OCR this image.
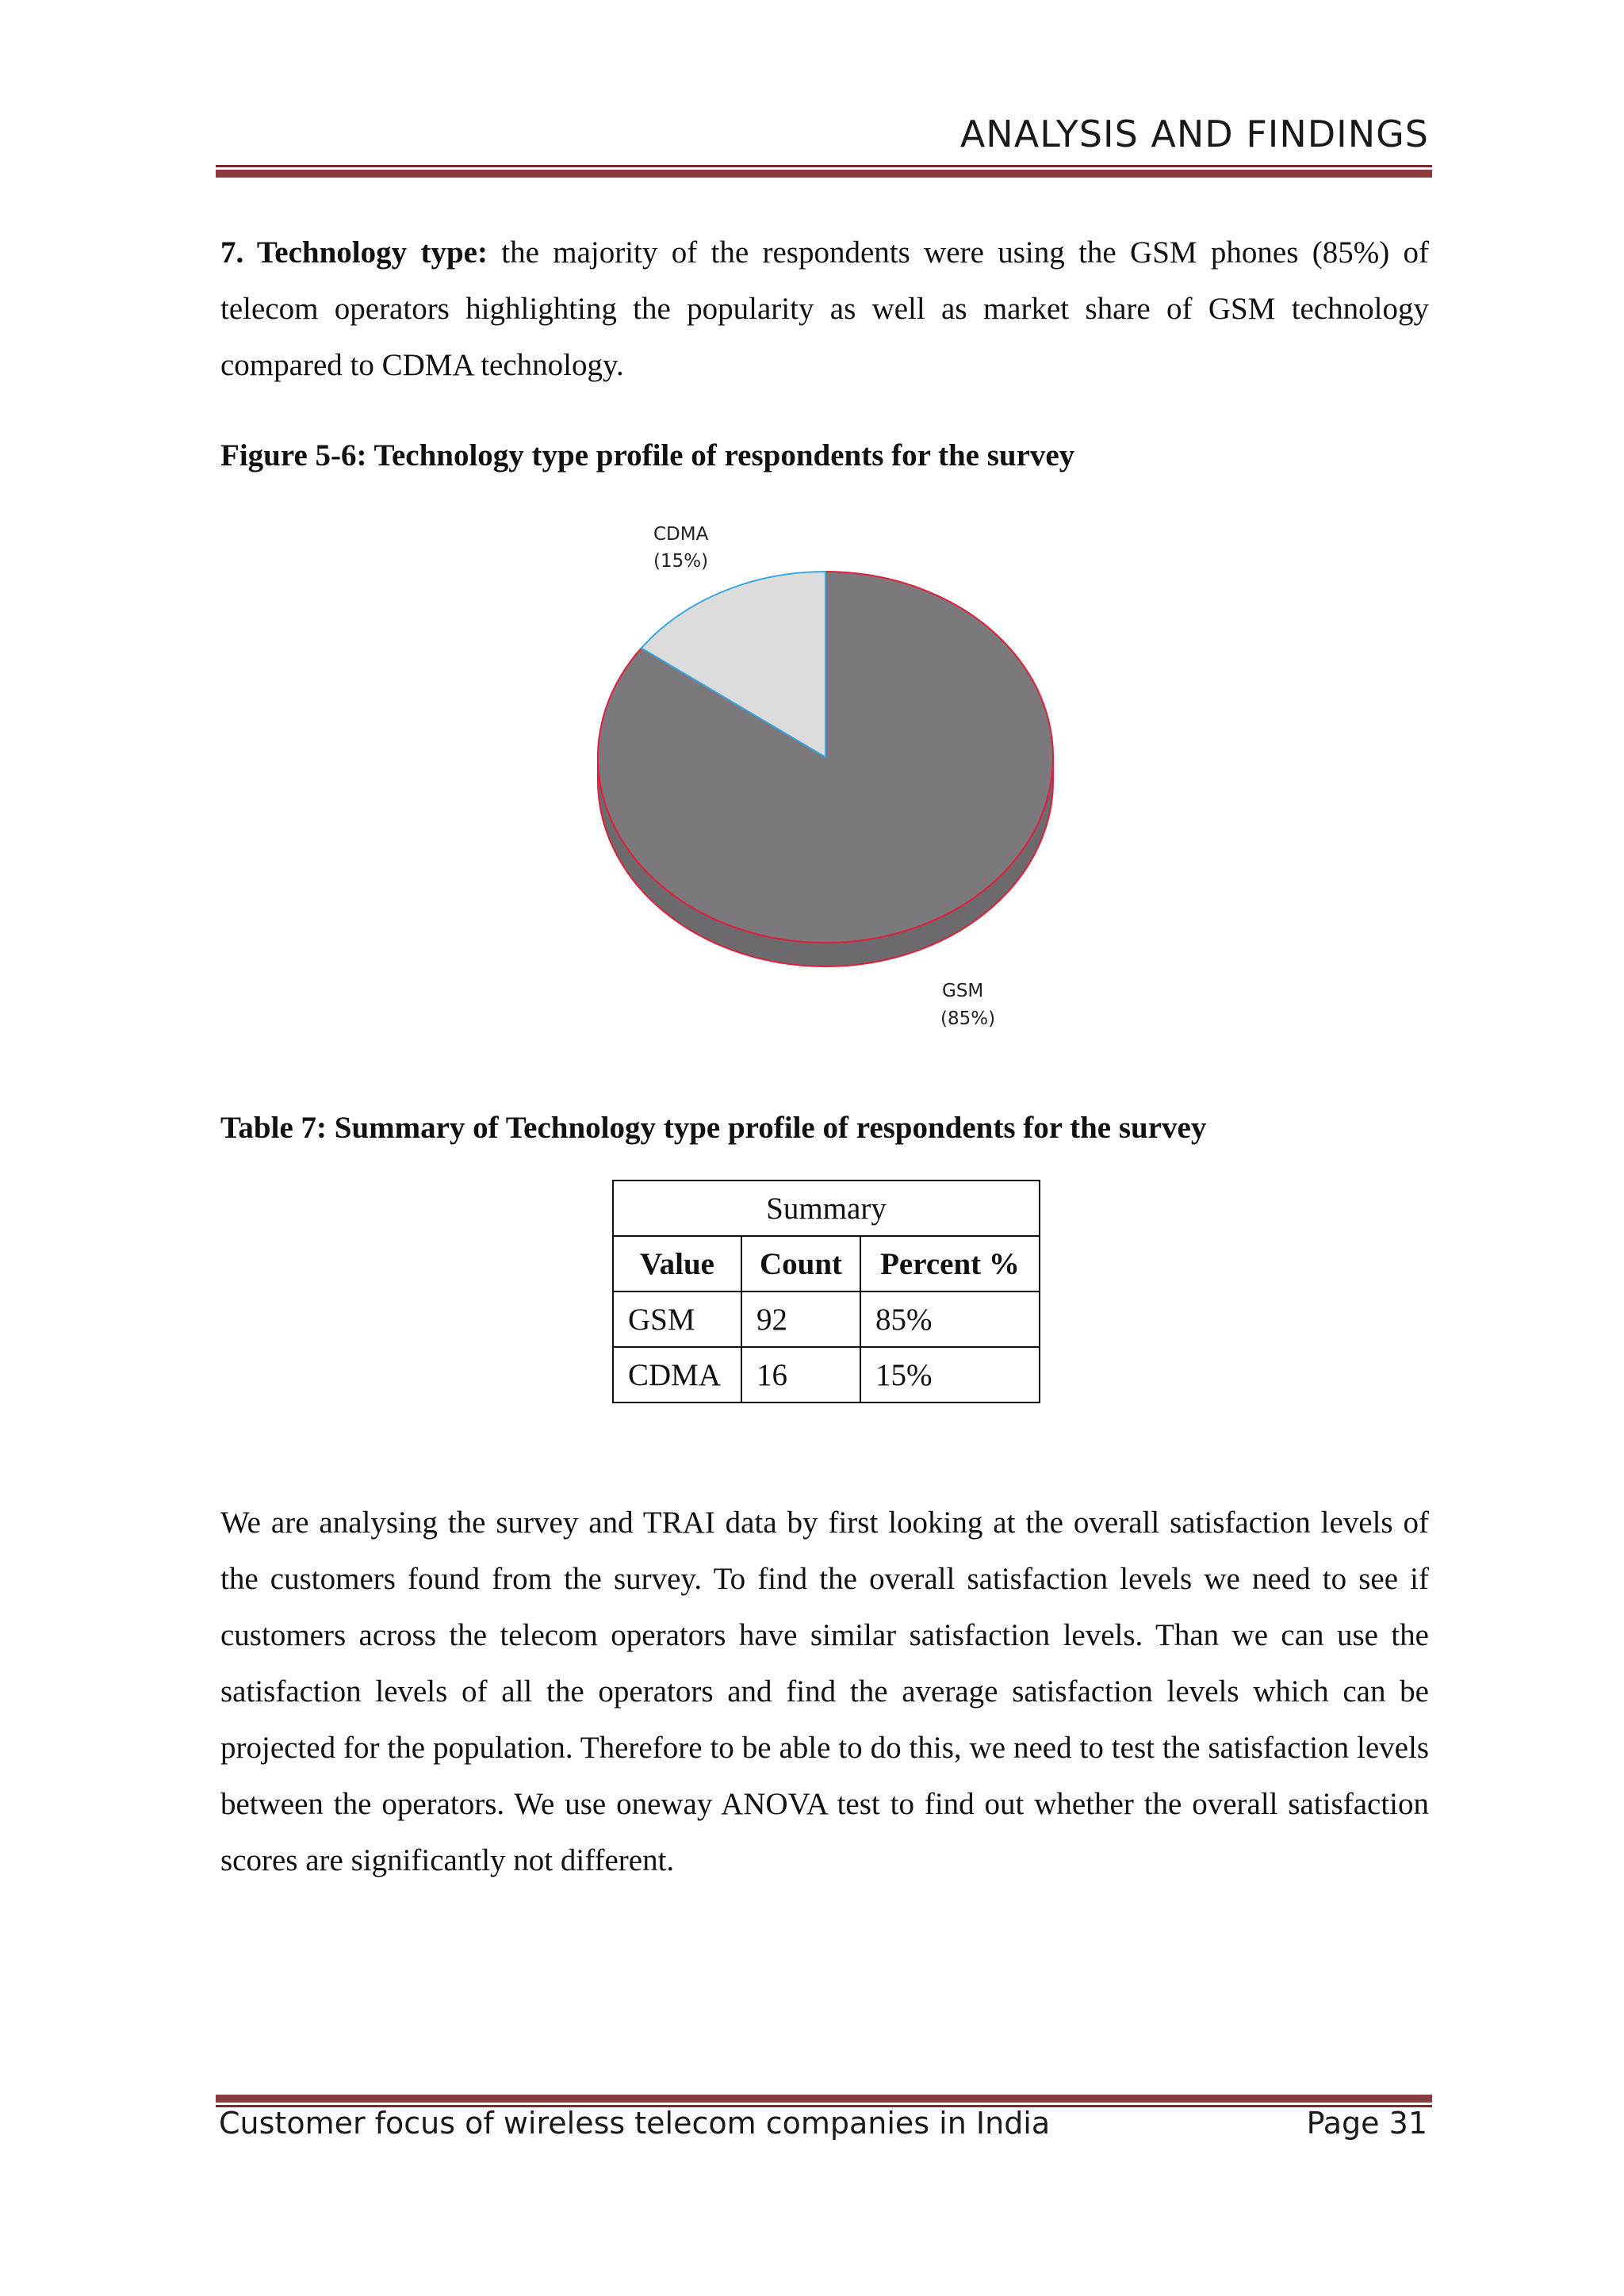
ANALYSIS AND FINDINGS

7. Technology type: the majority of the respondents were using the GSM phones (85%) of telecom operators highlighting the popularity as well as market share of GSM technology compared to CDMA technology.

Figure 5-6: Technology type profile of respondents for the survey

CDMA
(15%)
GSM
(85%)

Table 7: Summary of Technology type profile of respondents for the survey

Summary		
Value	Count	Percent %
GSM	92	85%
CDMA	16	15%

We are analysing the survey and TRAI data by first looking at the overall satisfaction levels of the customers found from the survey. To find the overall satisfaction levels we need to see if customers across the telecom operators have similar satisfaction levels. Than we can use the satisfaction levels of all the operators and find the average satisfaction levels which can be projected for the population. Therefore to be able to do this, we need to test the satisfaction levels between the operators. We use oneway ANOVA test to find out whether the overall satisfaction scores are significantly not different.

Customer focus of wireless telecom companies in India	Page 31
